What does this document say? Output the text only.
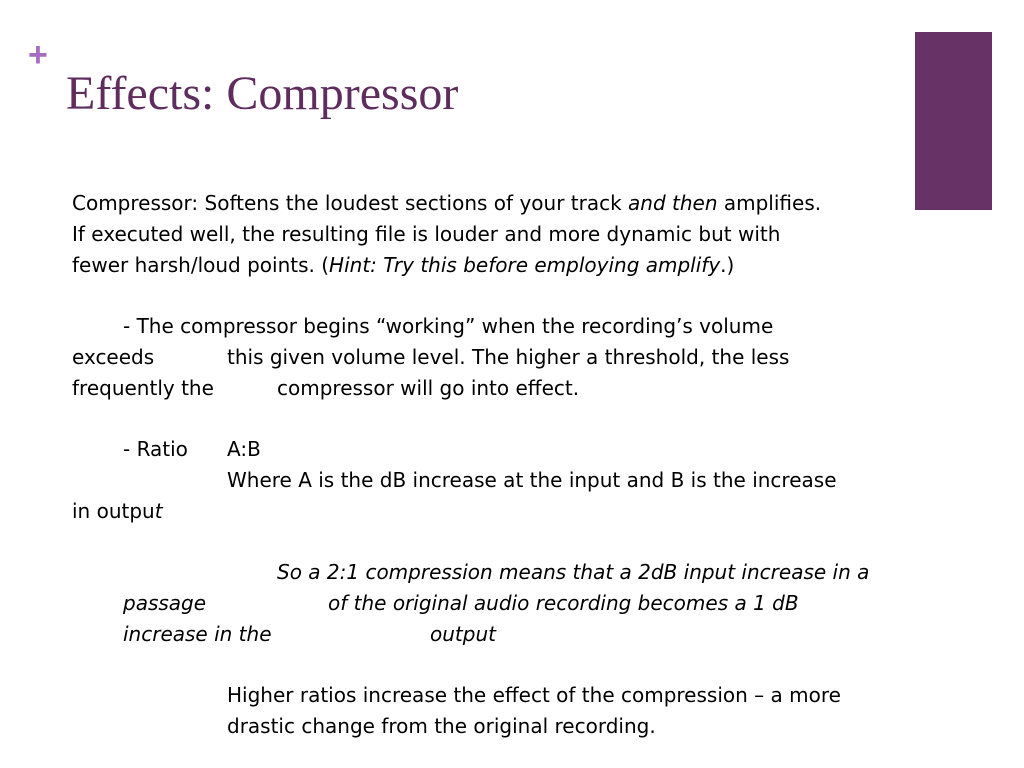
+
Effects: Compressor

Compressor: Softens the loudest sections of your track and then amplifies.

If executed well, the resulting file is louder and more dynamic but with

fewer harsh/loud points. (Hint: Try this before employing amplify.)

- The compressor begins “working” when the recording’s volume

exceeds	this given volume level. The higher a threshold, the less

frequently the	compressor will go into effect.

- Ratio A:B

Where A is the dB increase at the input and B is the increase

in output

So a 2:1 compression means that a 2dB input increase in a

passage	of the original audio recording becomes a 1 dB

increase in the	output

Higher ratios increase the effect of the compression – a more

drastic change from the original recording.
